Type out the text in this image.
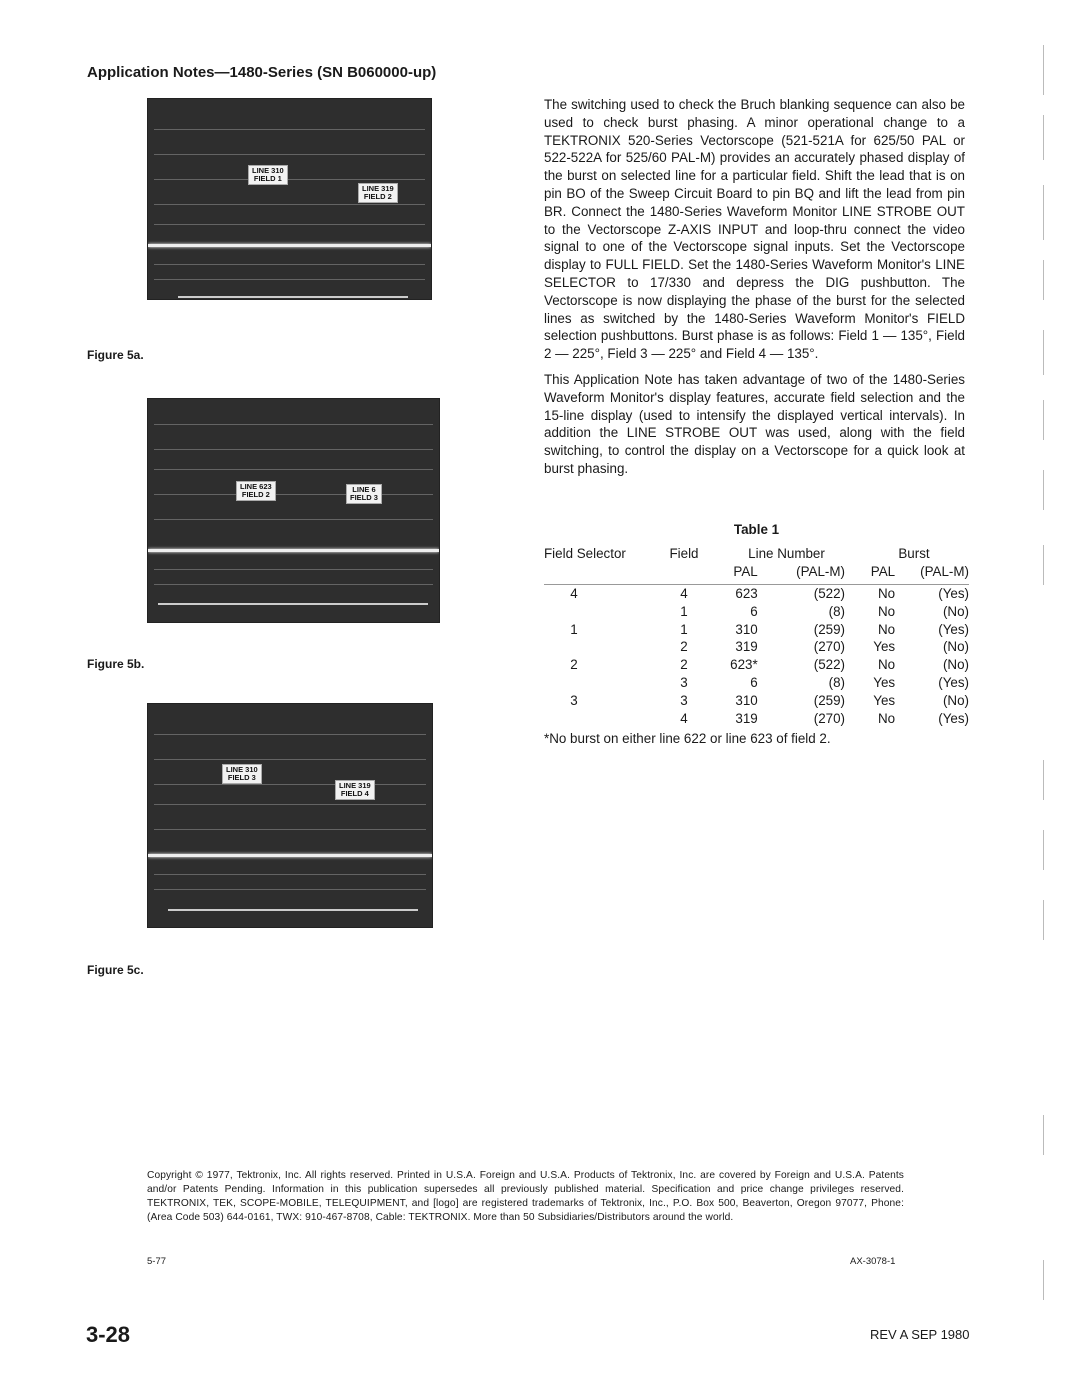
Application Notes—1480-Series (SN B060000-up)
LINE 310
FIELD 1
LINE 319
FIELD 2
Figure 5a.
LINE 623
FIELD 2
LINE 6
FIELD 3
Figure 5b.
LINE 310
FIELD 3
LINE 319
FIELD 4
Figure 5c.

The switching used to check the Bruch blanking sequence can also be used to check burst phasing. A minor operational change to a TEKTRONIX 520-Series Vectorscope (521-521A for 625/50 PAL or 522-522A for 525/60 PAL-M) provides an accurately phased display of the burst on selected line for a particular field. Shift the lead that is on pin BO of the Sweep Circuit Board to pin BQ and lift the lead from pin BR. Connect the 1480-Series Waveform Monitor LINE STROBE OUT to the Vectorscope Z-AXIS INPUT and loop-thru connect the video signal to one of the Vectorscope signal inputs. Set the Vectorscope display to FULL FIELD. Set the 1480-Series Waveform Monitor's LINE SELECTOR to 17/330 and depress the DIG pushbutton. The Vectorscope is now displaying the phase of the burst for the selected lines as switched by the 1480-Series Waveform Monitor's FIELD selection pushbuttons. Burst phase is as follows: Field 1 — 135°, Field 2 — 225°, Field 3 — 225° and Field 4 — 135°.

This Application Note has taken advantage of two of the 1480-Series Waveform Monitor's display features, accurate field selection and the 15-line display (used to intensify the displayed vertical intervals). In addition the LINE STROBE OUT was used, along with the field switching, to control the display on a Vectorscope for a quick look at burst phasing.

Table 1
Field Selector	Field	Line Number		Burst	
		PAL	(PAL-M)	PAL	(PAL-M)

4	4	623	(522)	No	(Yes)
	1	6	(8)	No	(No)
1	1	310	(259)	No	(Yes)
	2	319	(270)	Yes	(No)
2	2	623*	(522)	No	(No)
	3	6	(8)	Yes	(Yes)
3	3	310	(259)	Yes	(No)
	4	319	(270)	No	(Yes)
*No burst on either line 622 or line 623 of field 2.
Copyright © 1977, Tektronix, Inc. All rights reserved. Printed in U.S.A. Foreign and U.S.A. Products of Tektronix, Inc. are covered by Foreign and U.S.A. Patents and/or Patents Pending. Information in this publication supersedes all previously published material. Specification and price change privileges reserved. TEKTRONIX, TEK, SCOPE-MOBILE, TELEQUIPMENT, and [logo] are registered trademarks of Tektronix, Inc., P.O. Box 500, Beaverton, Oregon 97077, Phone: (Area Code 503) 644-0161, TWX: 910-467-8708, Cable: TEKTRONIX. More than 50 Subsidiaries/Distributors around the world.
5-77	AX-3078-1
3-28	REV A SEP 1980
